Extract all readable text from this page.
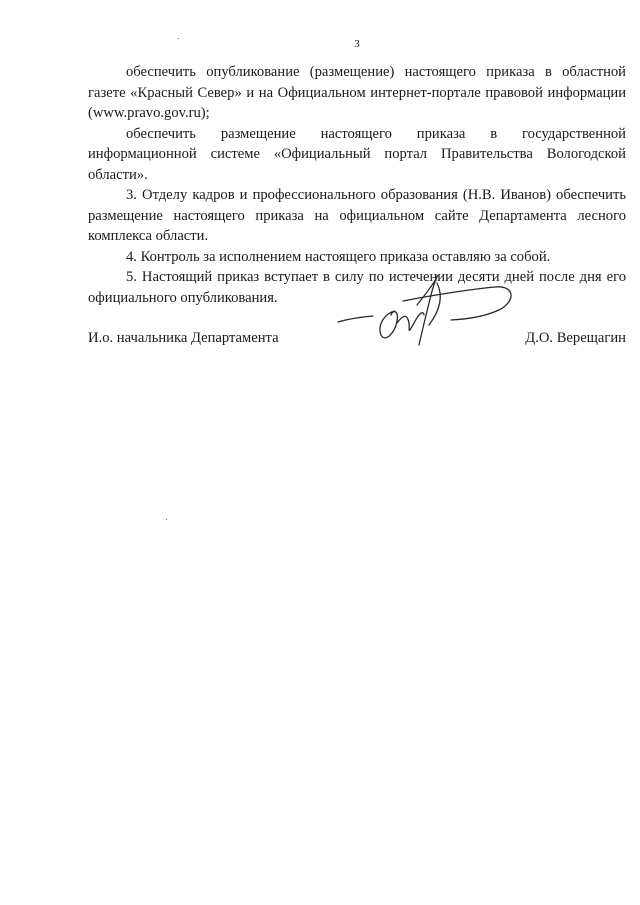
3

обеспечить опубликование (размещение) настоящего приказа в областной газете «Красный Север» и на Официальном интернет-портале правовой информации (www.pravo.gov.ru);

обеспечить размещение настоящего приказа в государственной информационной системе «Официальный портал Правительства Вологодской области».

3. Отделу кадров и профессионального образования (Н.В. Иванов) обеспечить размещение настоящего приказа на официальном сайте Департамента лесного комплекса области.

4. Контроль за исполнением настоящего приказа оставляю за собой.

5. Настоящий приказ вступает в силу по истечении десяти дней после дня его официального опубликования.

И.о. начальника Департамента	Д.О. Верещагин
